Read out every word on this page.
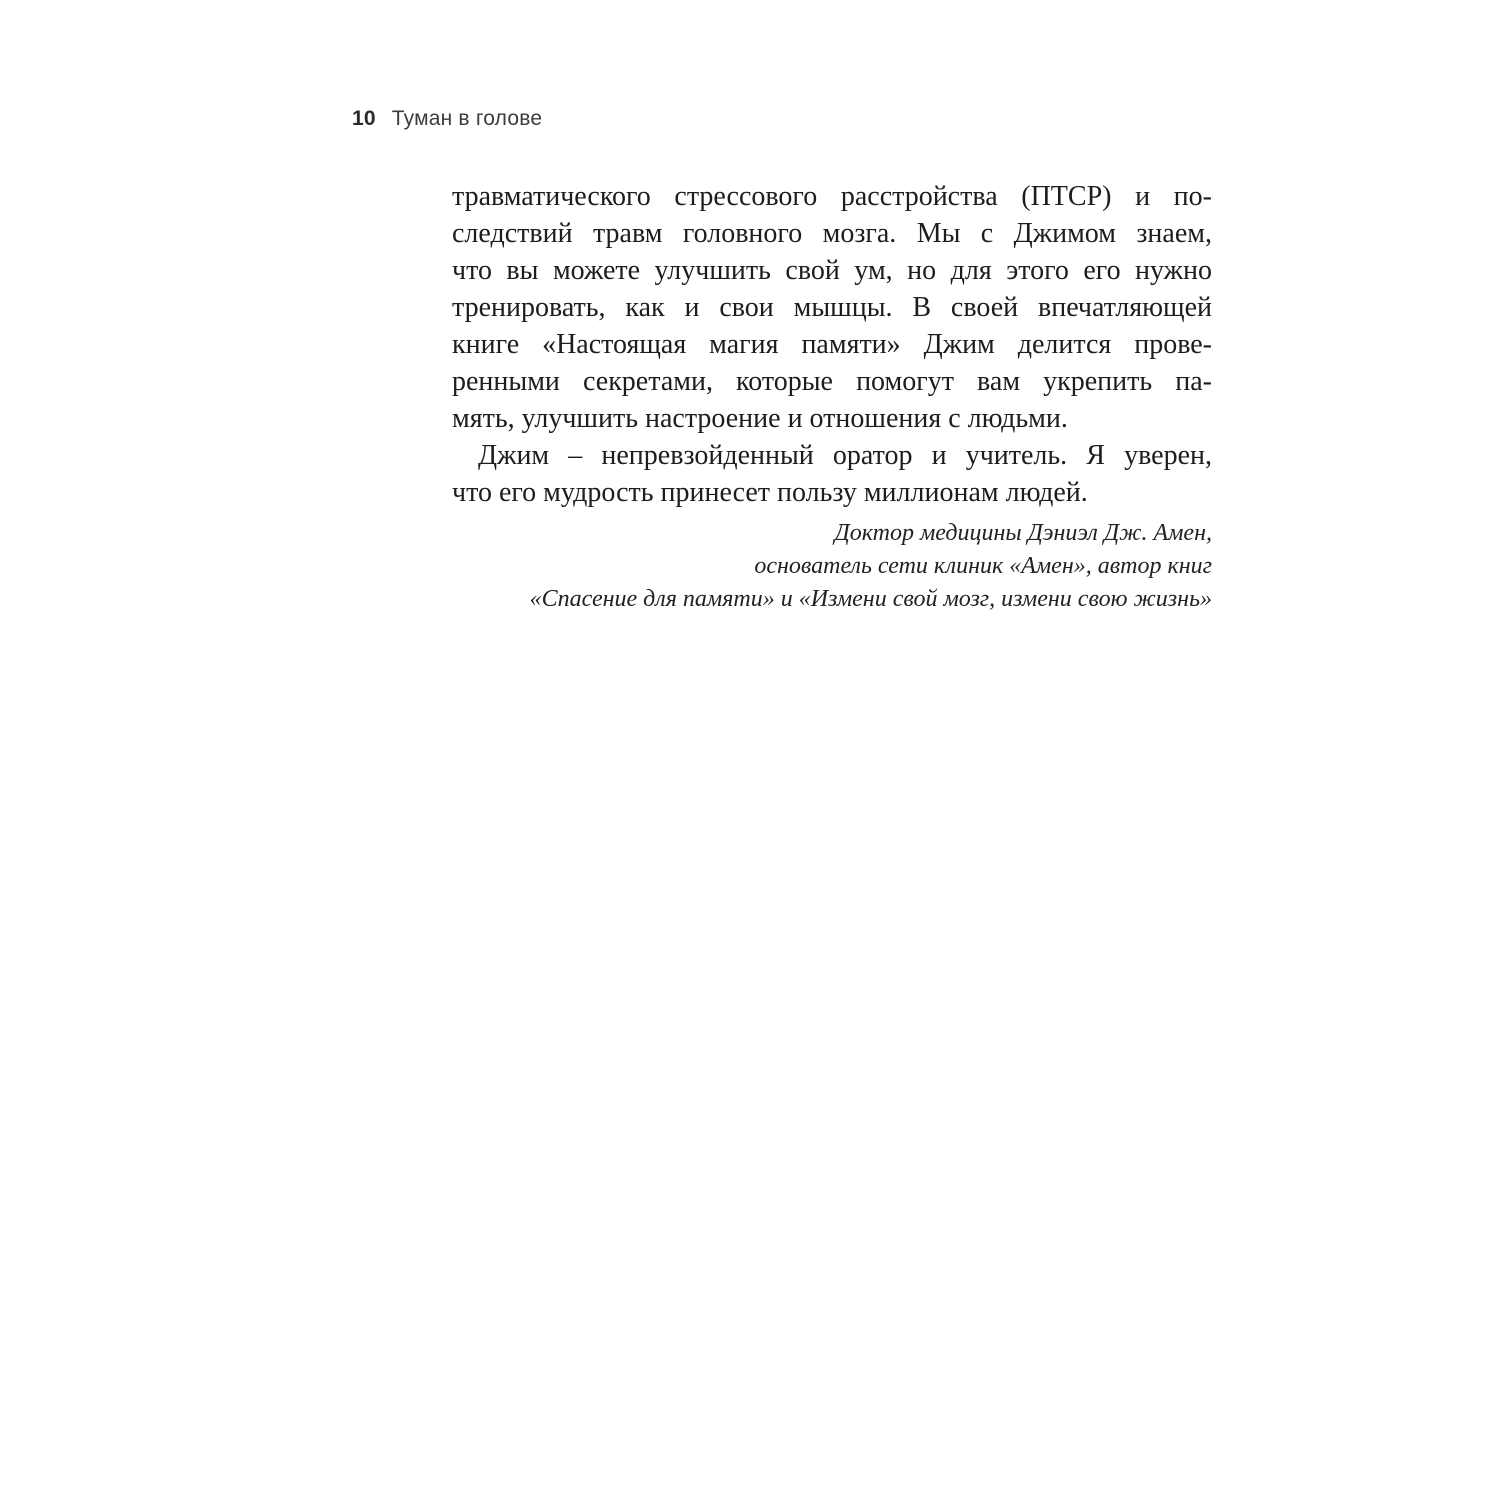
10 Туман в голове
травматического стрессового расстройства (ПТСР) и по-
следствий травм головного мозга. Мы с Джимом знаем,
что вы можете улучшить свой ум, но для этого его нужно
тренировать, как и свои мышцы. В своей впечатляющей
книге «Настоящая магия памяти» Джим делится прове-
ренными секретами, которые помогут вам укрепить па-
мять, улучшить настроение и отношения с людьми.
Джим – непревзойденный оратор и учитель. Я уверен,
что его мудрость принесет пользу миллионам людей.
Доктор медицины Дэниэл Дж. Амен,
основатель сети клиник «Амен», автор книг
«Спасение для памяти» и «Измени свой мозг, измени свою жизнь»
